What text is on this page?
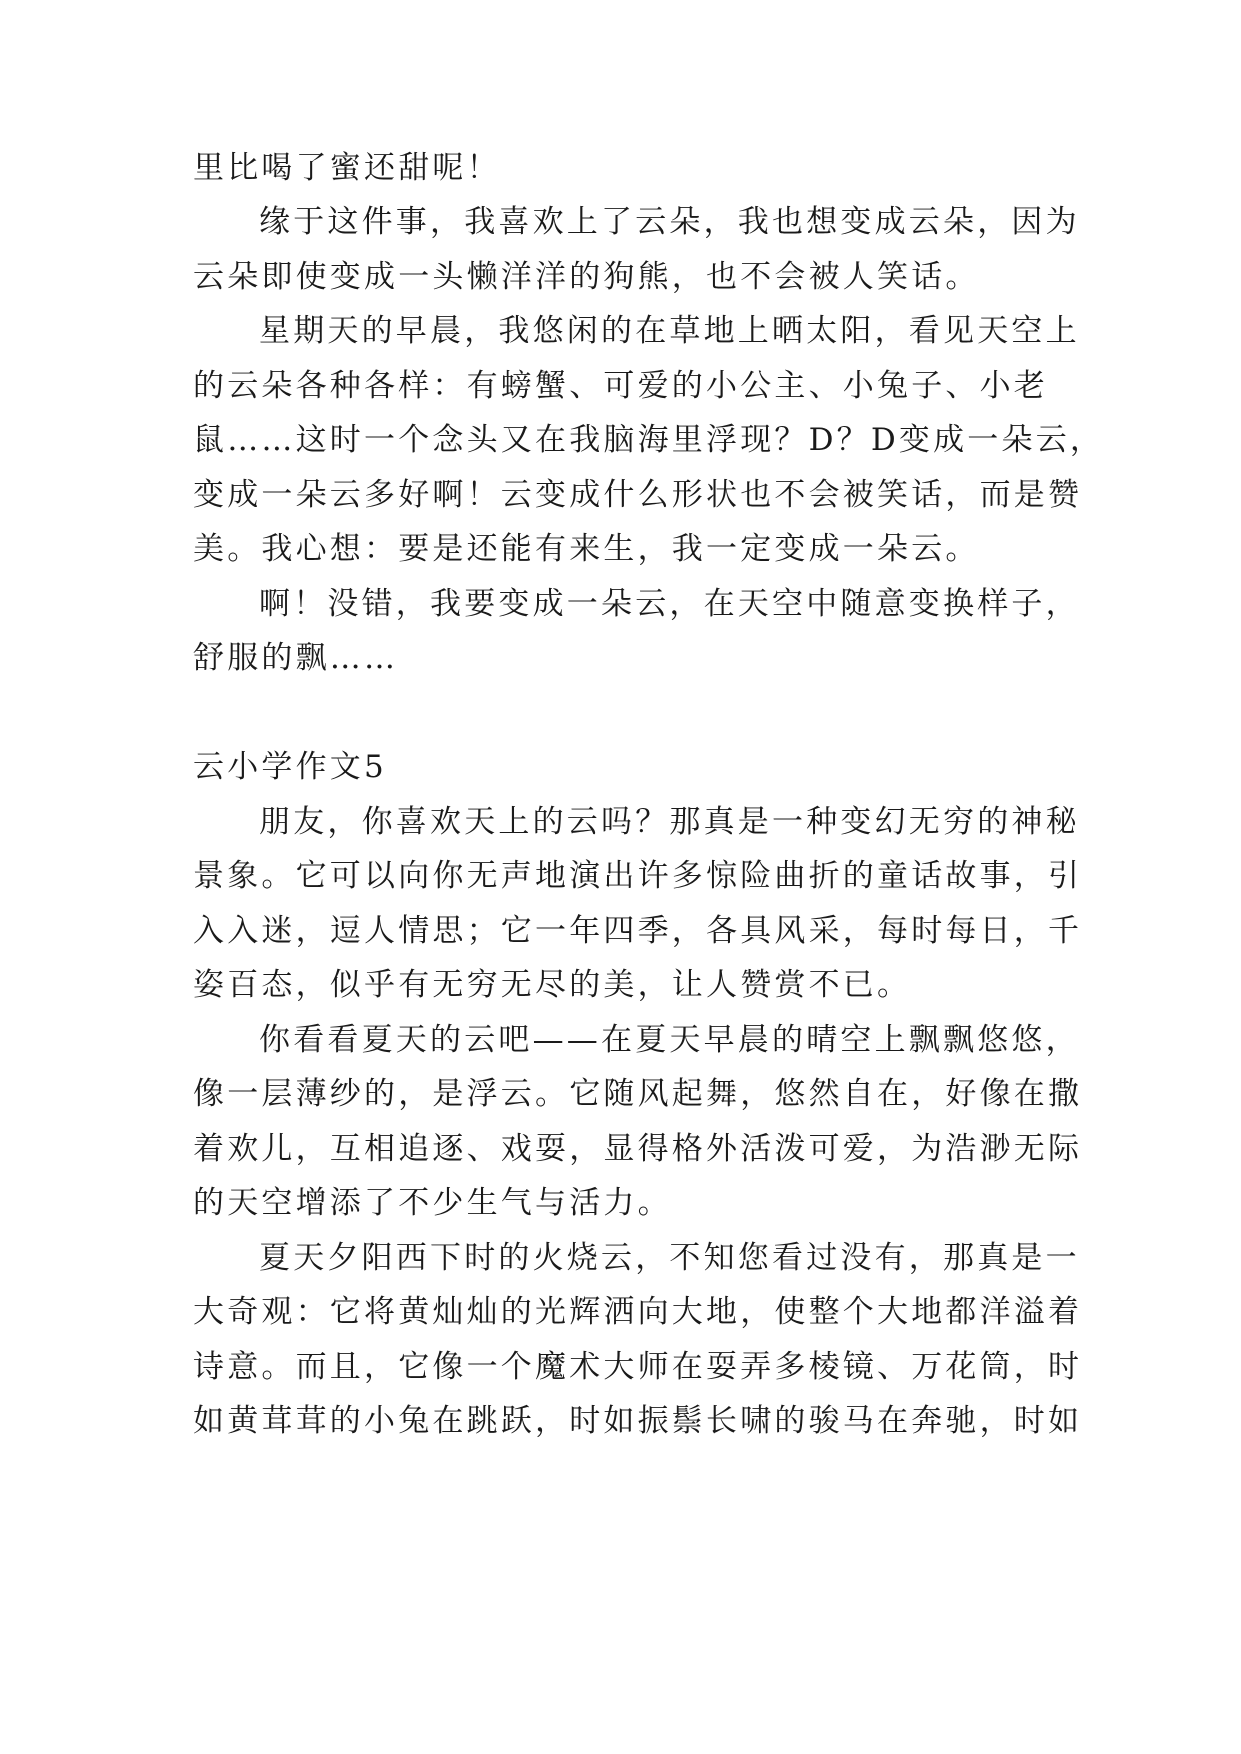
里比喝了蜜还甜呢！

缘于这件事，我喜欢上了云朵，我也想变成云朵，因为

云朵即使变成一头懒洋洋的狗熊，也不会被人笑话。

星期天的早晨，我悠闲的在草地上晒太阳，看见天空上

的云朵各种各样：有螃蟹、可爱的小公主、小兔子、小老

鼠……这时一个念头又在我脑海里浮现？D？D变成一朵云，

变成一朵云多好啊！云变成什么形状也不会被笑话，而是赞

美。我心想：要是还能有来生，我一定变成一朵云。

啊！没错，我要变成一朵云，在天空中随意变换样子，

舒服的飘……

云小学作文5

朋友，你喜欢天上的云吗？那真是一种变幻无穷的神秘

景象。它可以向你无声地演出许多惊险曲折的童话故事，引

入入迷，逗人情思；它一年四季，各具风采，每时每日，千

姿百态，似乎有无穷无尽的美，让人赞赏不已。

你看看夏天的云吧——在夏天早晨的晴空上飘飘悠悠，

像一层薄纱的，是浮云。它随风起舞，悠然自在，好像在撒

着欢儿，互相追逐、戏耍，显得格外活泼可爱，为浩渺无际

的天空增添了不少生气与活力。

夏天夕阳西下时的火烧云，不知您看过没有，那真是一

大奇观：它将黄灿灿的光辉洒向大地，使整个大地都洋溢着

诗意。而且，它像一个魔术大师在耍弄多棱镜、万花筒，时

如黄茸茸的小兔在跳跃，时如振鬃长啸的骏马在奔驰，时如
